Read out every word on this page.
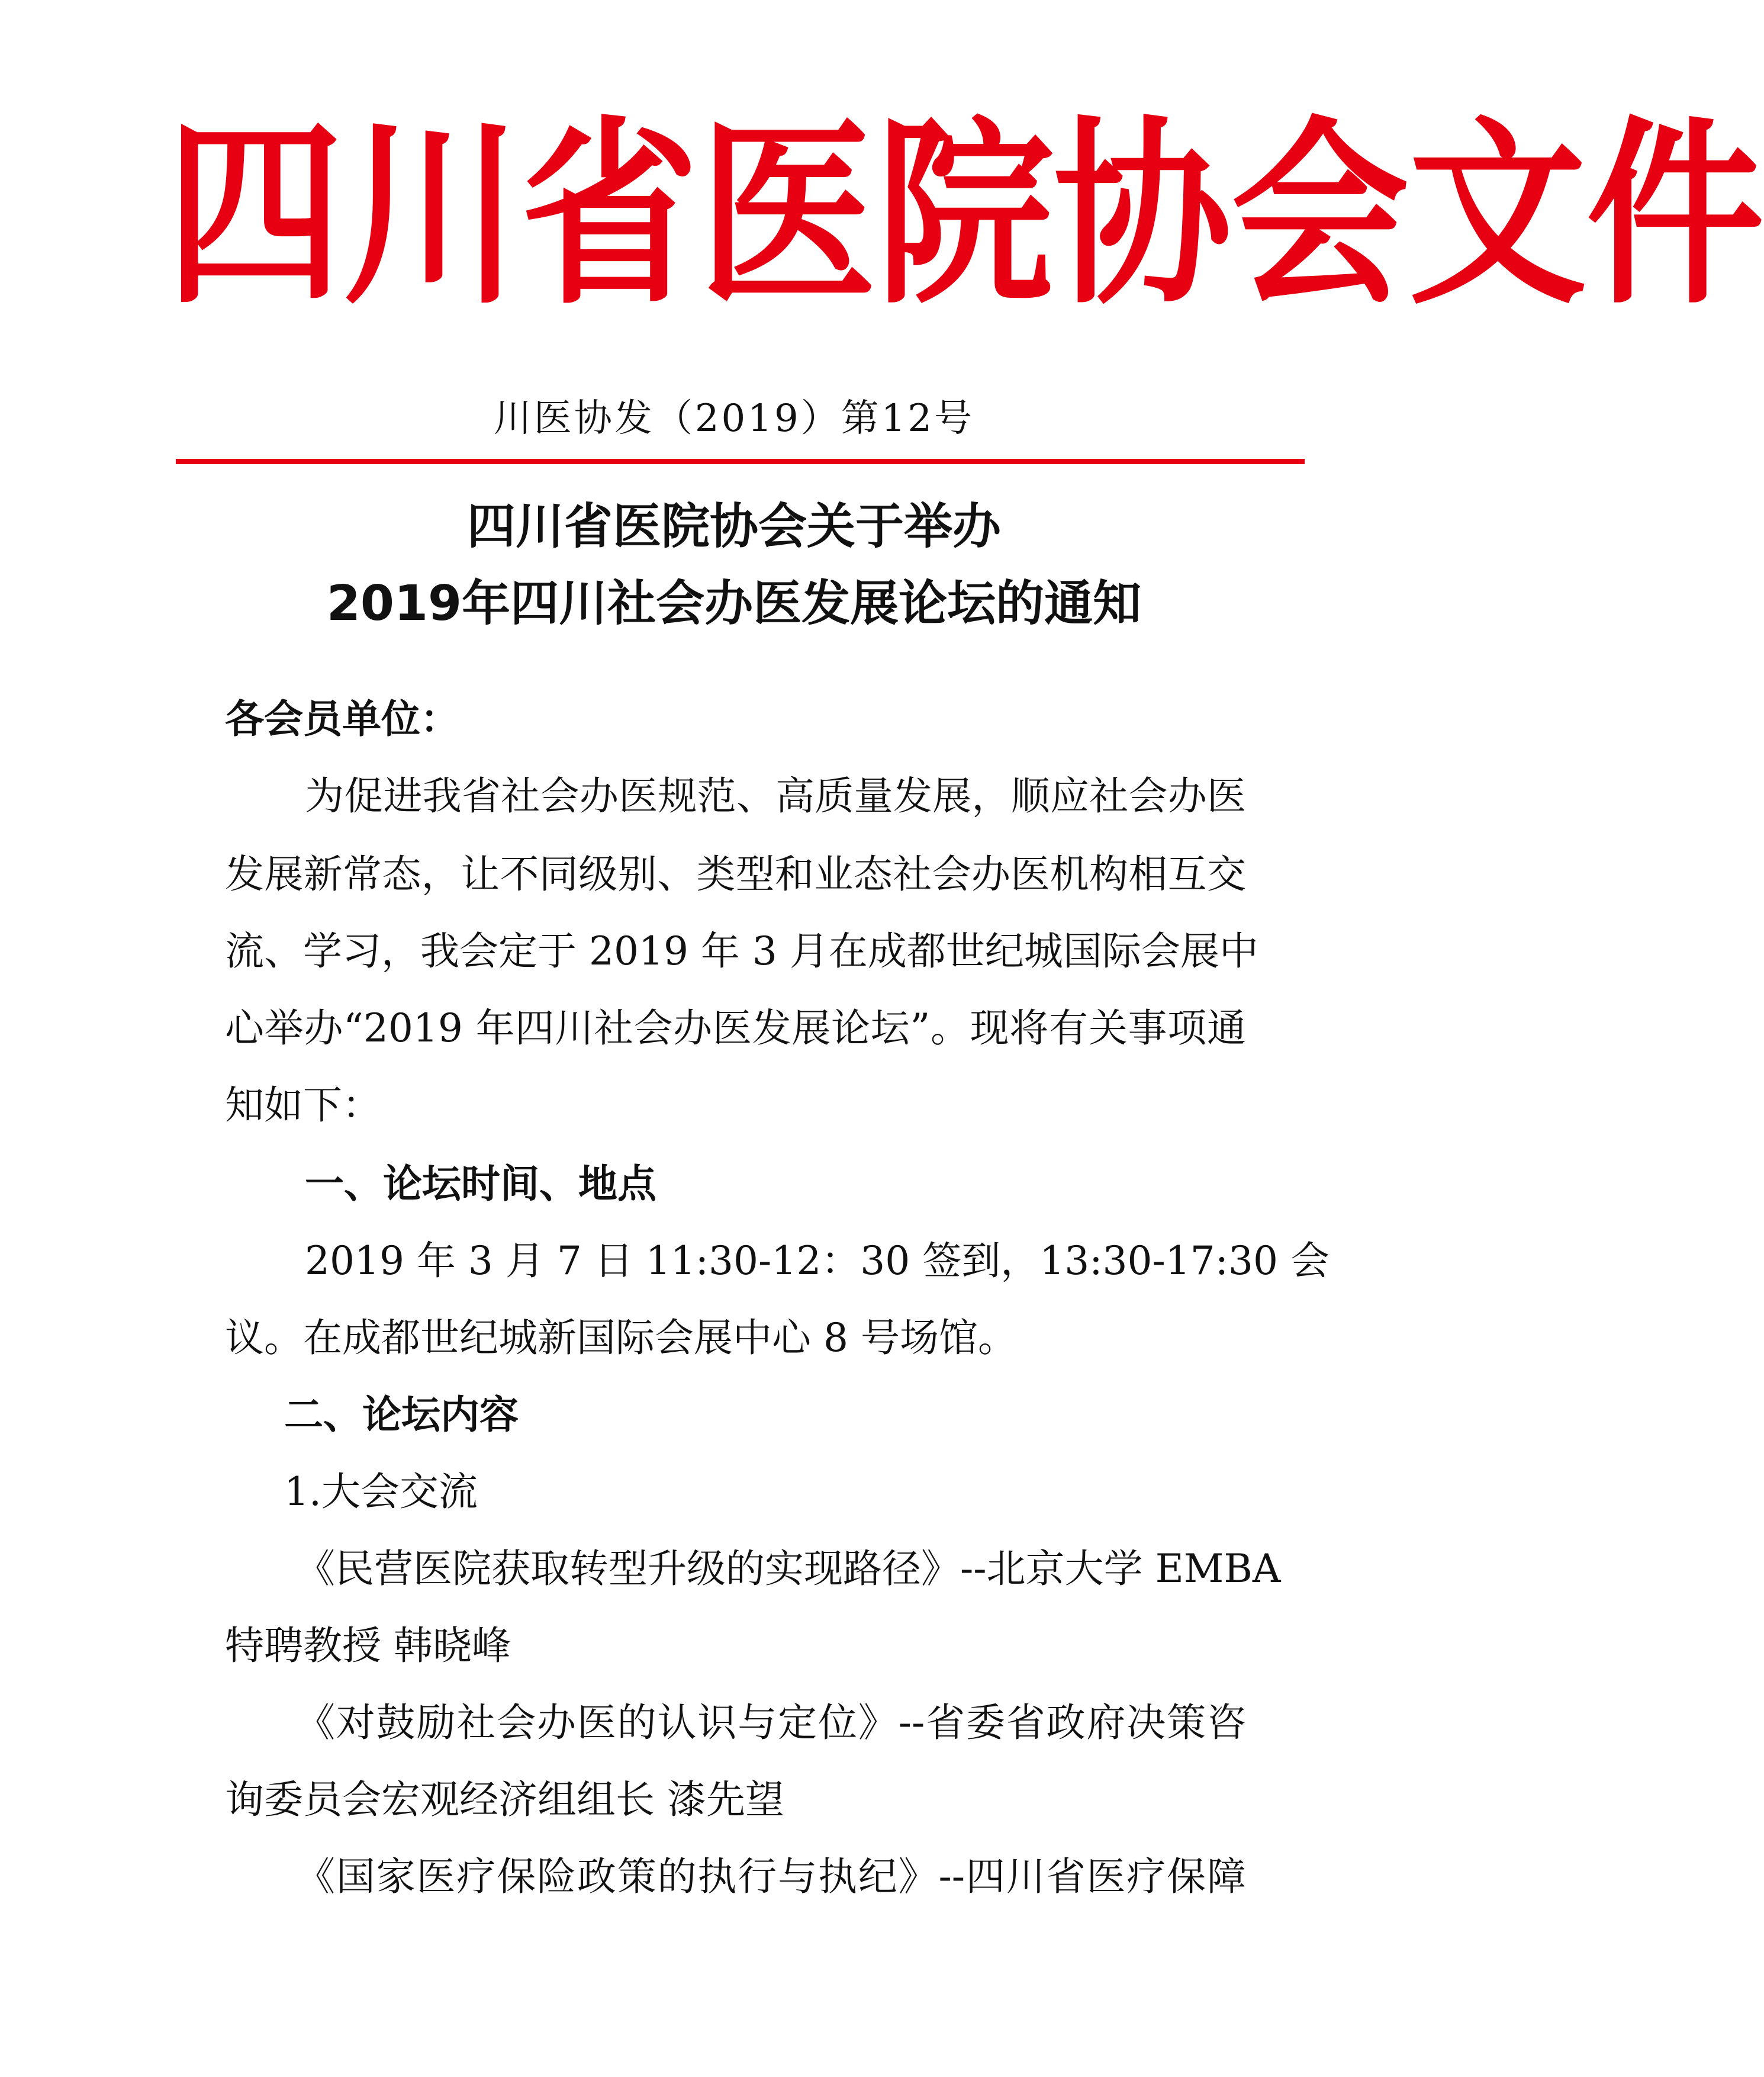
四川省医院协会文件
川医协发（2019）第12号
四川省医院协会关于举办
2019年四川社会办医发展论坛的通知
各会员单位：
为促进我省社会办医规范、高质量发展，顺应社会办医
发展新常态，让不同级别、类型和业态社会办医机构相互交
流、学习，我会定于 2019 年 3 月在成都世纪城国际会展中
心举办“2019 年四川社会办医发展论坛”。现将有关事项通
知如下：
一、论坛时间、地点
2019 年 3 月 7 日 11:30-12：30 签到，13:30-17:30 会
议。在成都世纪城新国际会展中心 8 号场馆。
二、论坛内容
1.大会交流
《民营医院获取转型升级的实现路径》--北京大学 EMBA
特聘教授 韩晓峰
《对鼓励社会办医的认识与定位》--省委省政府决策咨
询委员会宏观经济组组长 漆先望
《国家医疗保险政策的执行与执纪》--四川省医疗保障
